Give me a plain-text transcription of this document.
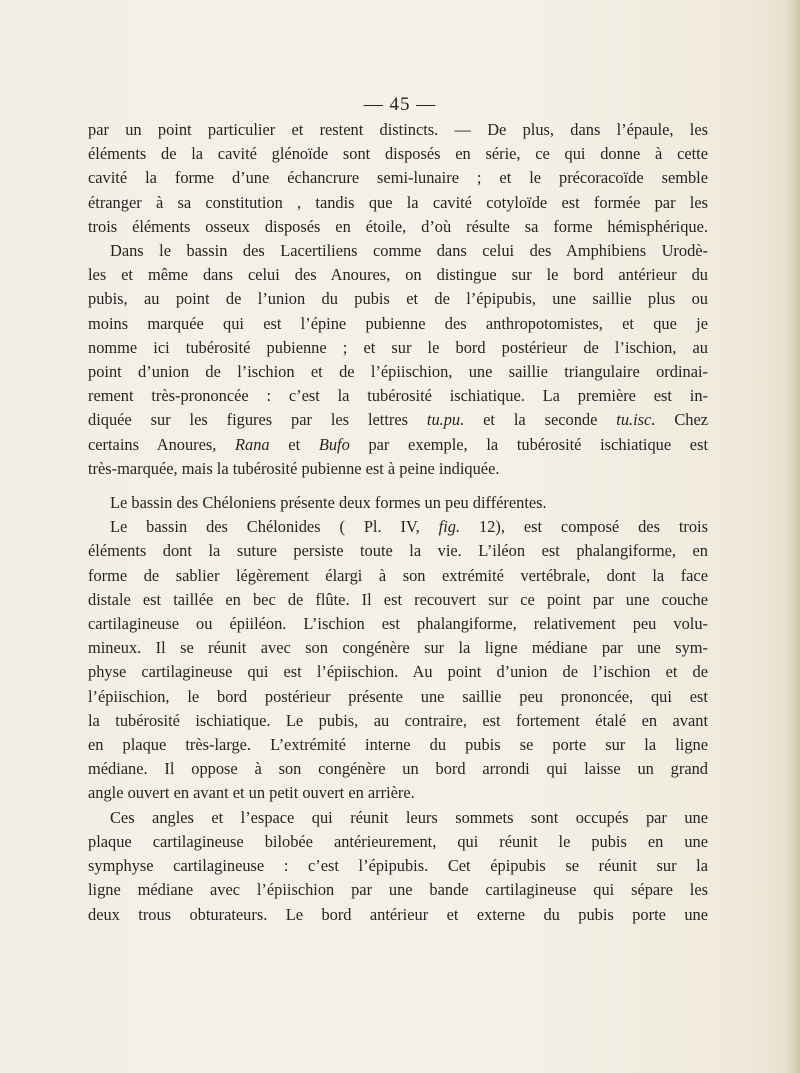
— 45 —
par un point particulier et restent distincts. — De plus, dans l’épaule, les
éléments de la cavité glénoïde sont disposés en série, ce qui donne à cette
cavité la forme d’une échancrure semi-lunaire ; et le précoracoïde semble
étranger à sa constitution , tandis que la cavité cotyloïde est formée par les
trois éléments osseux disposés en étoile, d’où résulte sa forme hémisphérique.
Dans le bassin des Lacertiliens comme dans celui des Amphibiens Urodè-
les et même dans celui des Anoures, on distingue sur le bord antérieur du
pubis, au point de l’union du pubis et de l’épipubis, une saillie plus ou
moins marquée qui est l’épine pubienne des anthropotomistes, et que je
nomme ici tubérosité pubienne ; et sur le bord postérieur de l’ischion, au
point d’union de l’ischion et de l’épiischion, une saillie triangulaire ordinai-
rement très-prononcée : c’est la tubérosité ischiatique. La première est in-
diquée sur les figures par les lettres tu.pu. et la seconde tu.isc. Chez
certains Anoures, Rana et Bufo par exemple, la tubérosité ischiatique est
très-marquée, mais la tubérosité pubienne est à peine indiquée.
Le bassin des Chéloniens présente deux formes un peu différentes.
Le bassin des Chélonides ( Pl. IV, fig. 12), est composé des trois
éléments dont la suture persiste toute la vie. L’iléon est phalangiforme, en
forme de sablier légèrement élargi à son extrémité vertébrale, dont la face
distale est taillée en bec de flûte. Il est recouvert sur ce point par une couche
cartilagineuse ou épiiléon. L’ischion est phalangiforme, relativement peu volu-
mineux. Il se réunit avec son congénère sur la ligne médiane par une sym-
physe cartilagineuse qui est l’épiischion. Au point d’union de l’ischion et de
l’épiischion, le bord postérieur présente une saillie peu prononcée, qui est
la tubérosité ischiatique. Le pubis, au contraire, est fortement étalé en avant
en plaque très-large. L’extrémité interne du pubis se porte sur la ligne
médiane. Il oppose à son congénère un bord arrondi qui laisse un grand
angle ouvert en avant et un petit ouvert en arrière.
Ces angles et l’espace qui réunit leurs sommets sont occupés par une
plaque cartilagineuse bilobée antérieurement, qui réunit le pubis en une
symphyse cartilagineuse : c’est l’épipubis. Cet épipubis se réunit sur la
ligne médiane avec l’épiischion par une bande cartilagineuse qui sépare les
deux trous obturateurs. Le bord antérieur et externe du pubis porte une
